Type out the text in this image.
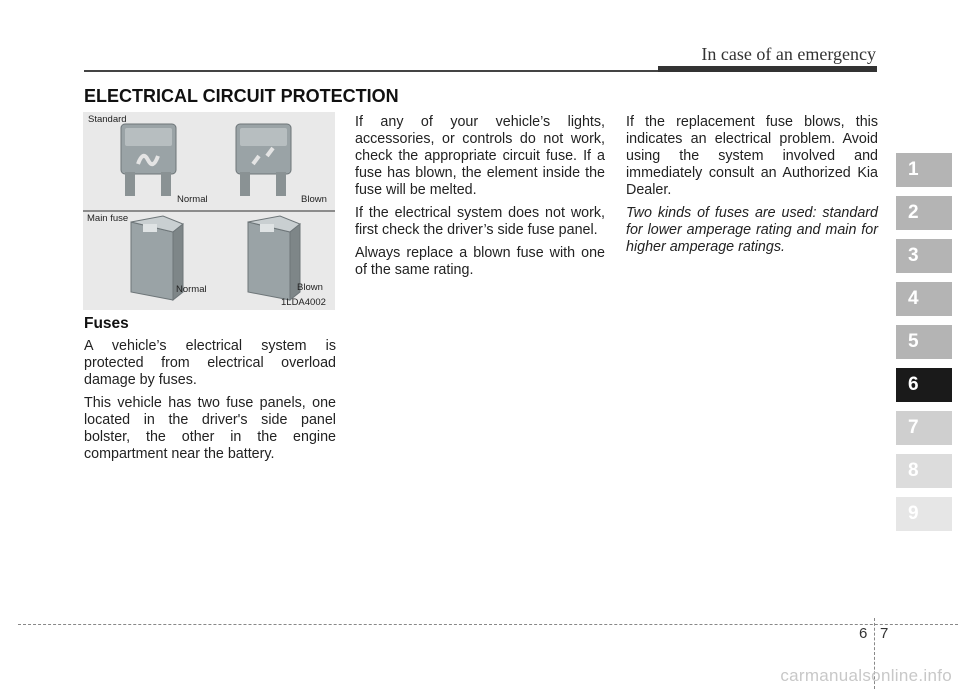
In case of an emergency
ELECTRICAL CIRCUIT PROTECTION
Standard
Normal	Blown
Main fuse
Normal	Blown
1LDA4002

Fuses

A vehicle’s electrical system is protected from electrical overload damage by fuses.

This vehicle has two fuse panels, one located in the driver's side panel bolster, the other in the engine compartment near the battery.

If any of your vehicle’s lights, accessories, or controls do not work, check the appropriate circuit fuse. If a fuse has blown, the element inside the fuse will be melted.

If the electrical system does not work, first check the driver’s side fuse panel.

Always replace a blown fuse with one of the same rating.

If the replacement fuse blows, this indicates an electrical problem. Avoid using the system involved and immediately consult an Authorized Kia Dealer.

Two kinds of fuses are used: standard for lower amperage rating and main for higher amperage ratings.

1
2
3
4
5
6
7
8
9
6 7
carmanualsonline.info
